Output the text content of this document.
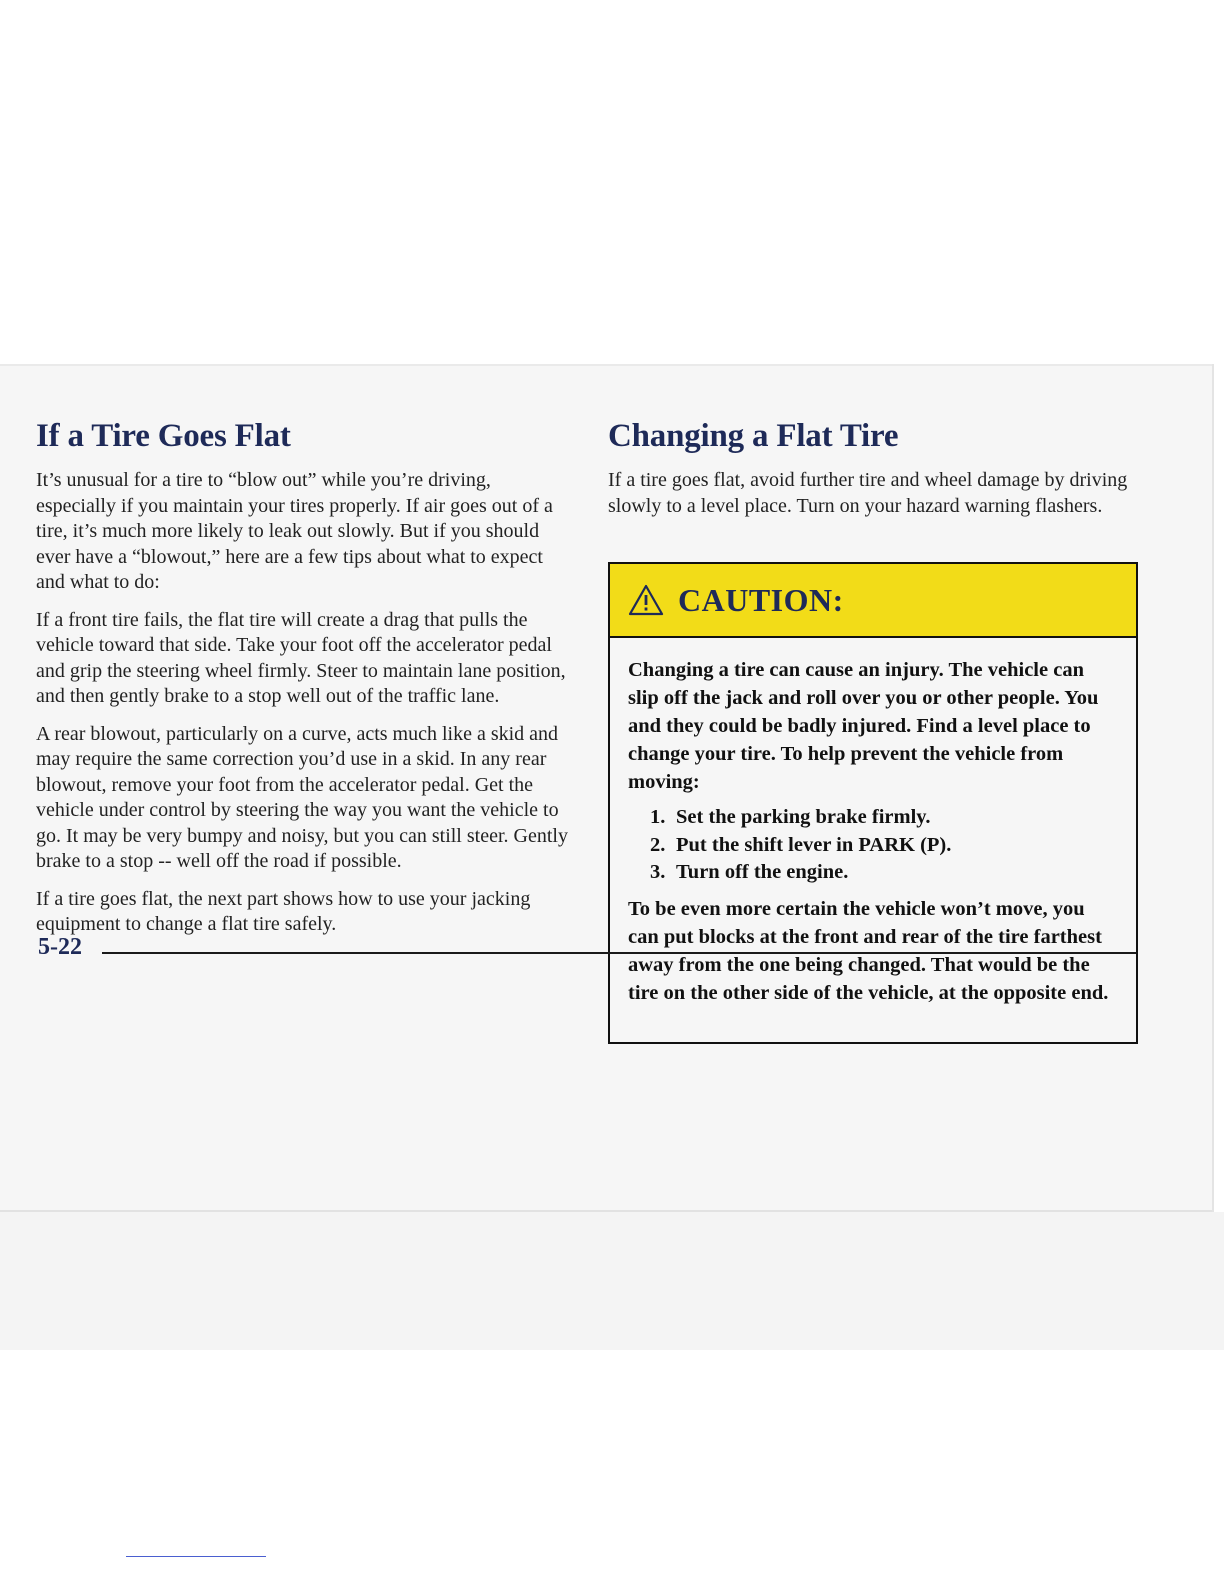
If a Tire Goes Flat

It’s unusual for a tire to “blow out” while you’re driving, especially if you maintain your tires properly. If air goes out of a tire, it’s much more likely to leak out slowly. But if you should ever have a “blowout,” here are a few tips about what to expect and what to do:

If a front tire fails, the flat tire will create a drag that pulls the vehicle toward that side. Take your foot off the accelerator pedal and grip the steering wheel firmly. Steer to maintain lane position, and then gently brake to a stop well out of the traffic lane.

A rear blowout, particularly on a curve, acts much like a skid and may require the same correction you’d use in a skid. In any rear blowout, remove your foot from the accelerator pedal. Get the vehicle under control by steering the way you want the vehicle to go. It may be very bumpy and noisy, but you can still steer. Gently brake to a stop -- well off the road if possible.

If a tire goes flat, the next part shows how to use your jacking equipment to change a flat tire safely.

Changing a Flat Tire

If a tire goes flat, avoid further tire and wheel damage by driving slowly to a level place. Turn on your hazard warning flashers.

CAUTION:

Changing a tire can cause an injury. The vehicle can slip off the jack and roll over you or other people. You and they could be badly injured. Find a level place to change your tire. To help prevent the vehicle from moving:

1. Set the parking brake firmly.
2. Put the shift lever in PARK (P).
3. Turn off the engine.

To be even more certain the vehicle won’t move, you can put blocks at the front and rear of the tire farthest away from the one being changed. That would be the tire on the other side of the vehicle, at the opposite end.

5-22
